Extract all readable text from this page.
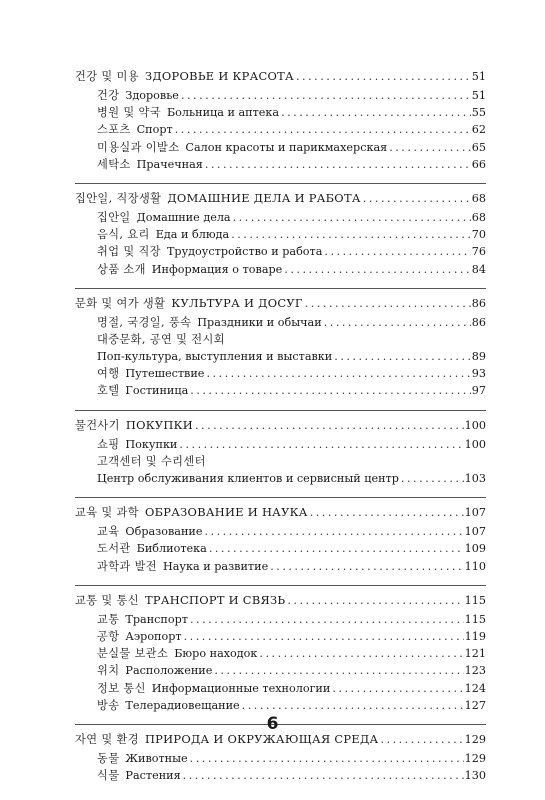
건강 및 미용 ЗДОРОВЬЕ И КРАСОТА .....	51
건강 Здоровье .....	51
병원 및 약국 Больница и аптека .....	55
스포츠 Спорт .....	62
미용실과 이발소 Салон красоты и парикмахерская .....	65
세탁소 Прачечная .....	66
집안일, 직장생활 ДОМАШНИЕ ДЕЛА И РАБОТА .....	68
집안일 Домашние дела .....	68
음식, 요리 Еда и блюда .....	70
취업 및 직장 Трудоустройство и работа .....	76
상품 소개 Информация о товаре .....	84
문화 및 여가 생활 КУЛЬТУРА И ДОСУГ .....	86
명절, 국경일, 풍속 Праздники и обычаи .....	86
대중문화, 공연 및 전시회
Поп-культура, выступления и выставки .....	89
여행 Путешествие .....	93
호텔 Гостиница .....	97
물건사기 ПОКУПКИ .....	100
쇼핑 Покупки .....	100
고객센터 및 수리센터
Центр обслуживания клиентов и сервисный центр .....	103
교육 및 과학 ОБРАЗОВАНИЕ И НАУКА .....	107
교육 Образование .....	107
도서관 Библиотека .....	109
과학과 발전 Наука и развитие .....	110
교통 및 통신 ТРАНСПОРТ И СВЯЗЬ .....	115
교통 Транспорт .....	115
공항 Аэропорт .....	119
분실물 보관소 Бюро находок .....	121
위치 Расположение .....	123
정보 통신 Информационные технологии .....	124
방송 Телерадиовещание .....	127
자연 및 환경 ПРИРОДА И ОКРУЖАЮЩАЯ СРЕДА .....	129
동물 Животные .....	129
식물 Растения .....	130
6
